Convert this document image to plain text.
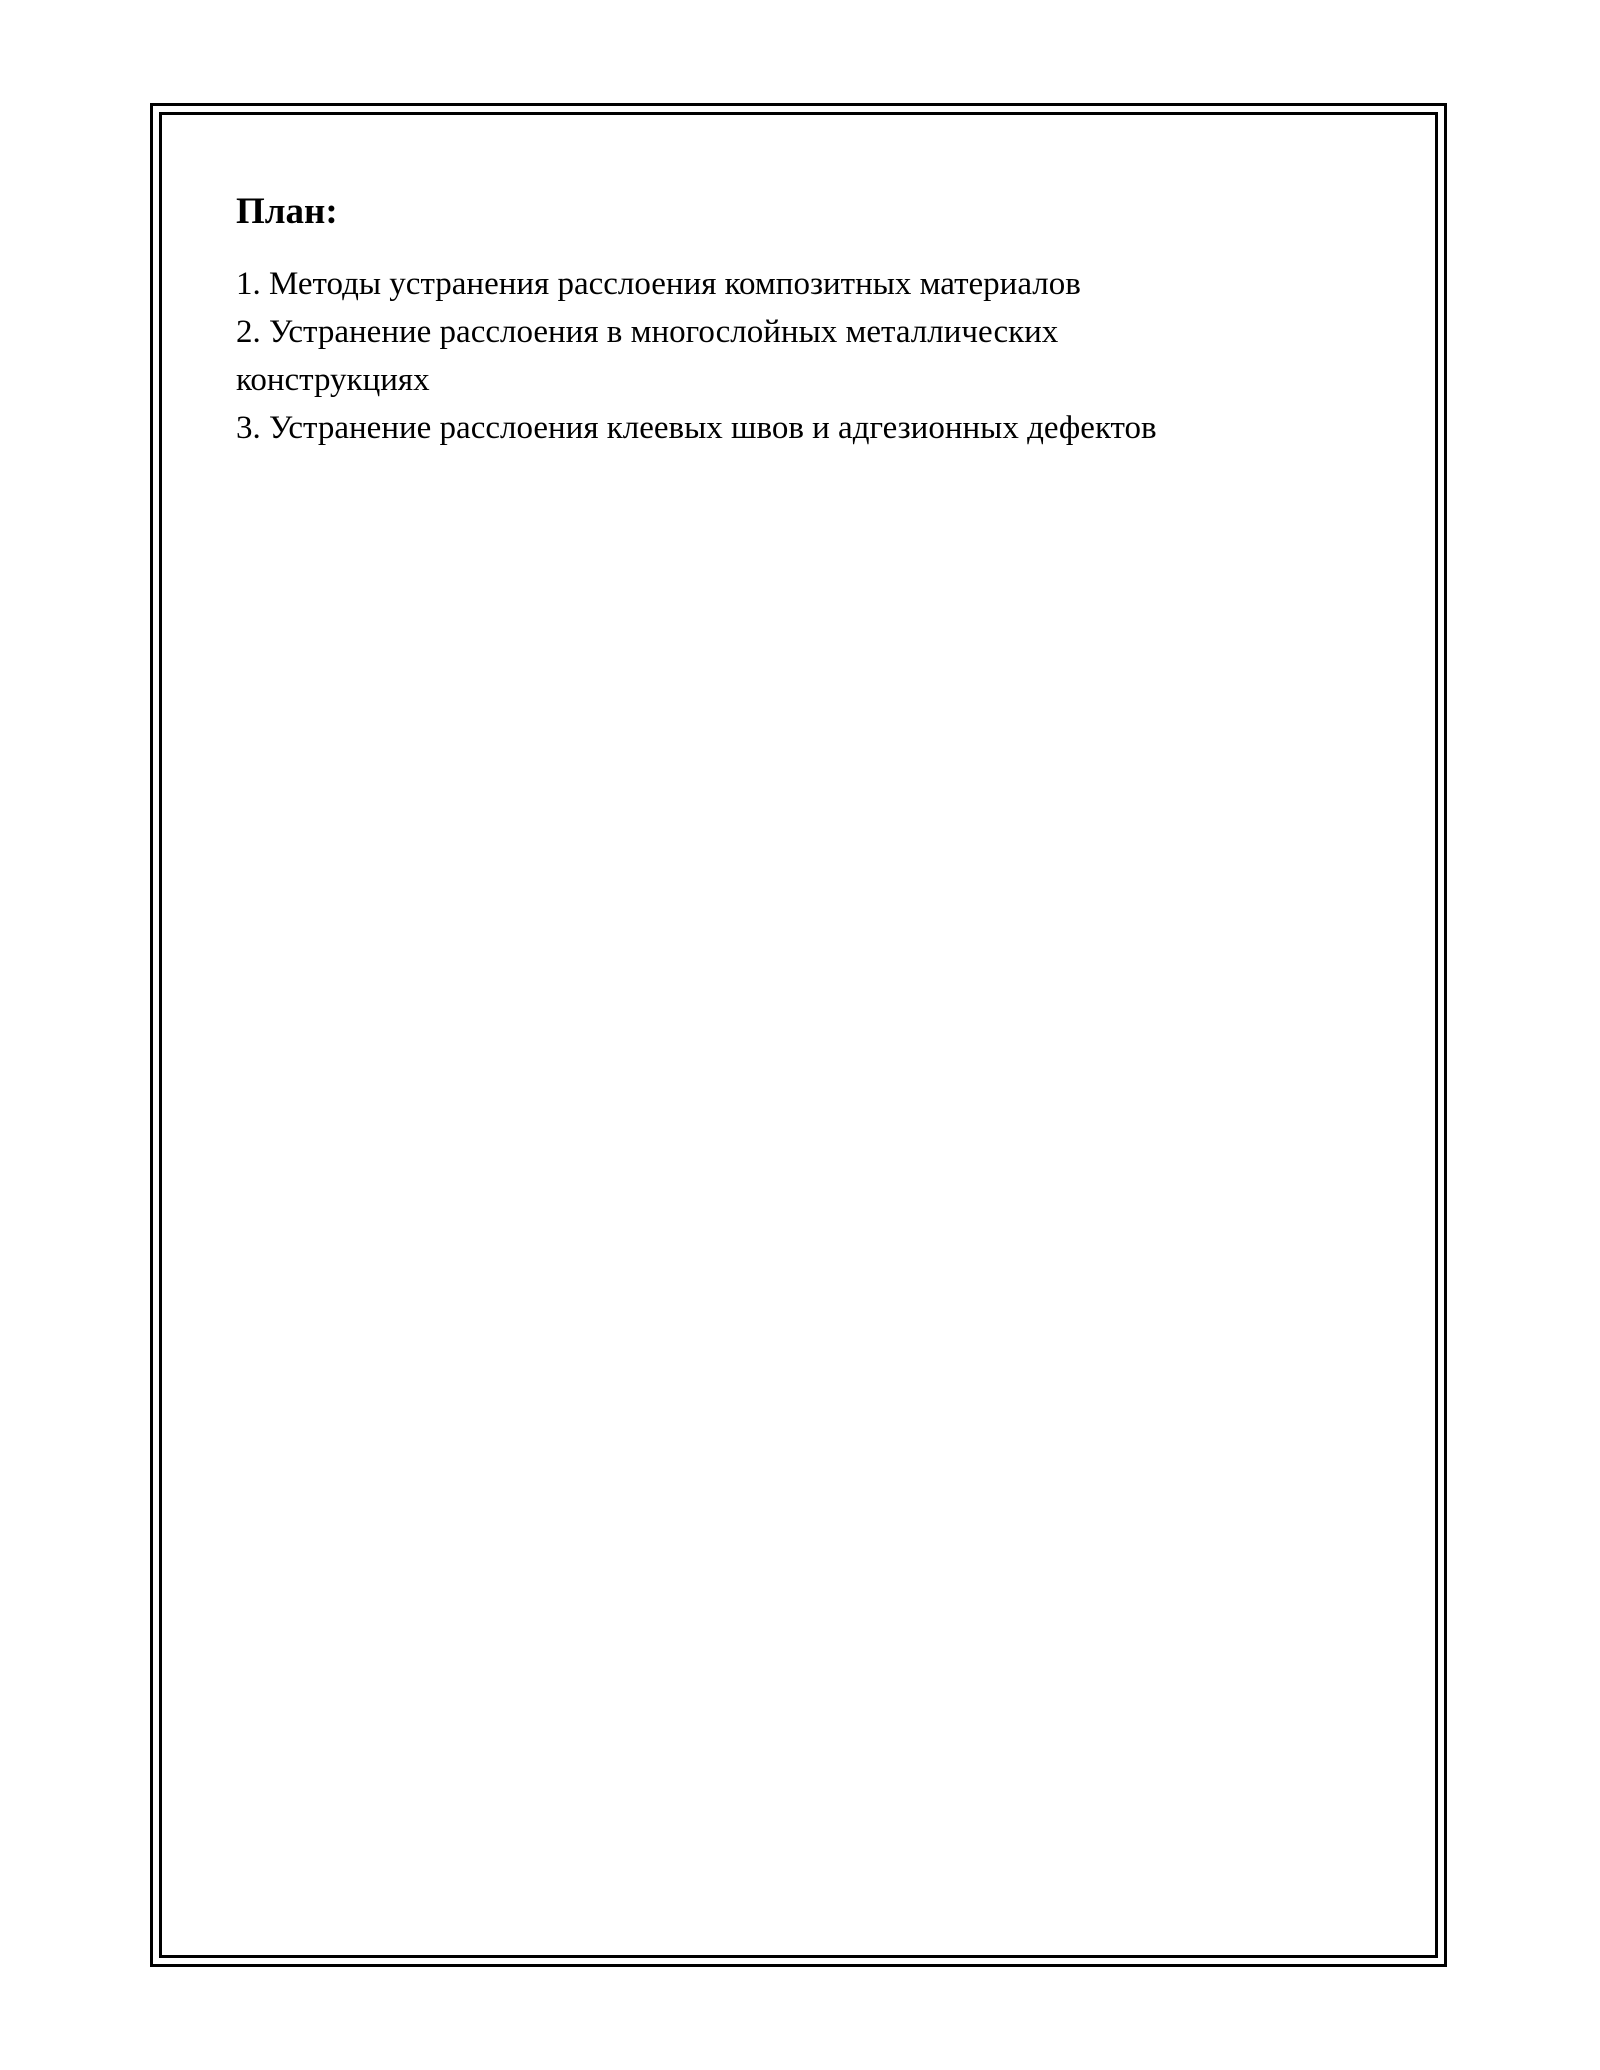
План:
1. Методы устранения расслоения композитных материалов
2. Устранение расслоения в многослойных металлических конструкциях
3. Устранение расслоения клеевых швов и адгезионных дефектов
